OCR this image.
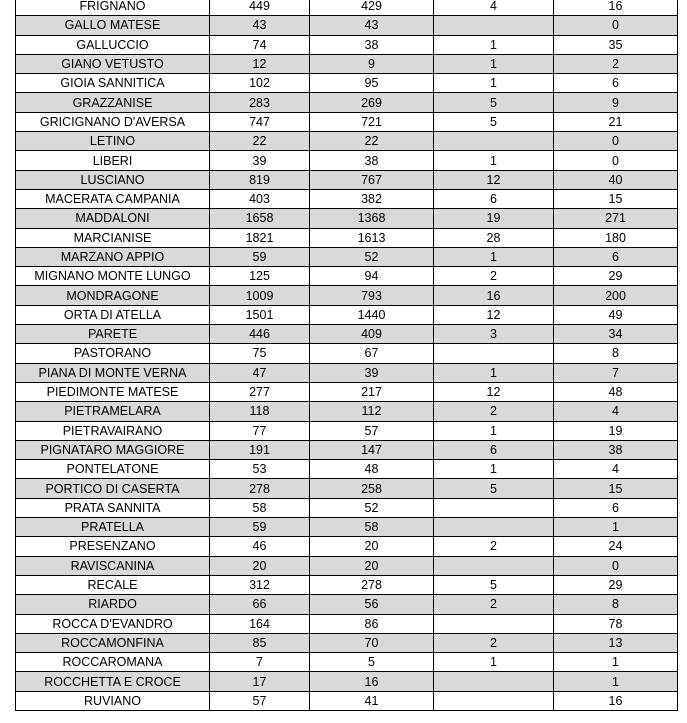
FRIGNANO	449	429	4	16
GALLO MATESE	43	43		0
GALLUCCIO	74	38	1	35
GIANO VETUSTO	12	9	1	2
GIOIA SANNITICA	102	95	1	6
GRAZZANISE	283	269	5	9
GRICIGNANO D'AVERSA	747	721	5	21
LETINO	22	22		0
LIBERI	39	38	1	0
LUSCIANO	819	767	12	40
MACERATA CAMPANIA	403	382	6	15
MADDALONI	1658	1368	19	271
MARCIANISE	1821	1613	28	180
MARZANO APPIO	59	52	1	6
MIGNANO MONTE LUNGO	125	94	2	29
MONDRAGONE	1009	793	16	200
ORTA DI ATELLA	1501	1440	12	49
PARETE	446	409	3	34
PASTORANO	75	67		8
PIANA DI MONTE VERNA	47	39	1	7
PIEDIMONTE MATESE	277	217	12	48
PIETRAMELARA	118	112	2	4
PIETRAVAIRANO	77	57	1	19
PIGNATARO MAGGIORE	191	147	6	38
PONTELATONE	53	48	1	4
PORTICO DI CASERTA	278	258	5	15
PRATA SANNITA	58	52		6
PRATELLA	59	58		1
PRESENZANO	46	20	2	24
RAVISCANINA	20	20		0
RECALE	312	278	5	29
RIARDO	66	56	2	8
ROCCA D'EVANDRO	164	86		78
ROCCAMONFINA	85	70	2	13
ROCCAROMANA	7	5	1	1
ROCCHETTA E CROCE	17	16		1
RUVIANO	57	41		16
